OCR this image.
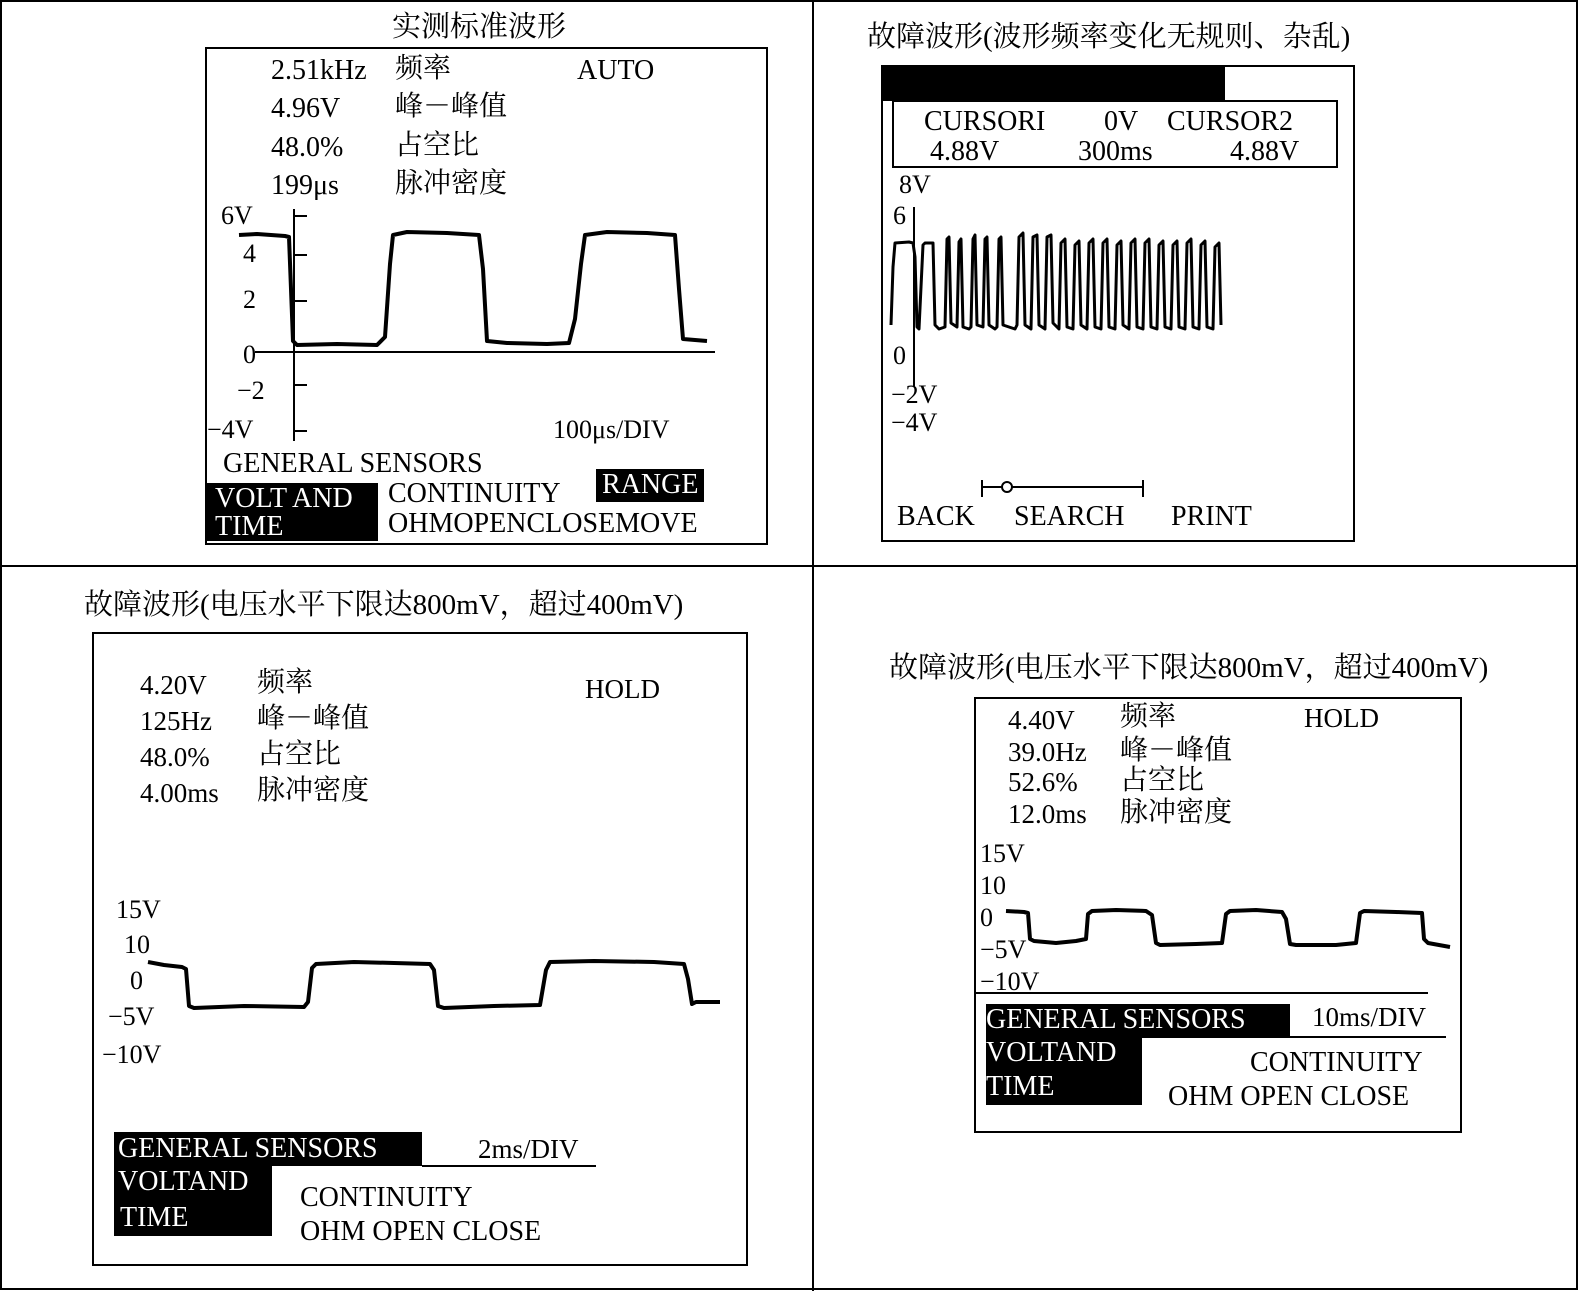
实测标准波形
2.51kHz 频率	AUTO
4.96V 峰－峰值
48.0% 占空比
199μs 脉冲密度
6V
4
2
0
−2
−4V	100μs/DIV
GENERAL SENSORS
RANGE
VOLT AND
TIME
CONTINUITY
OHMOPENCLOSEMOVE
故障波形(波形频率变化无规则、杂乱)
CURSORI 0V CURSOR2
4.88V	300ms	4.88V
8V
6
0
−2V
−4V
BACK SEARCH PRINT
故障波形(电压水平下限达800mV，超过400mV)
4.20V 频率	HOLD
125Hz 峰－峰值
48.0% 占空比
4.00ms 脉冲密度
15V
10
0
−5V
−10V
GENERAL SENSORS	2ms/DIV
VOLTAND
TIME
CONTINUITY
OHM OPEN CLOSE
故障波形(电压水平下限达800mV，超过400mV)
4.40V 频率	HOLD
39.0Hz 峰－峰值
52.6% 占空比
12.0ms 脉冲密度
15V
10
0
−5V
−10V
GENERAL SENSORS 10ms/DIV
VOLTAND
TIME
CONTINUITY
OHM OPEN CLOSE
